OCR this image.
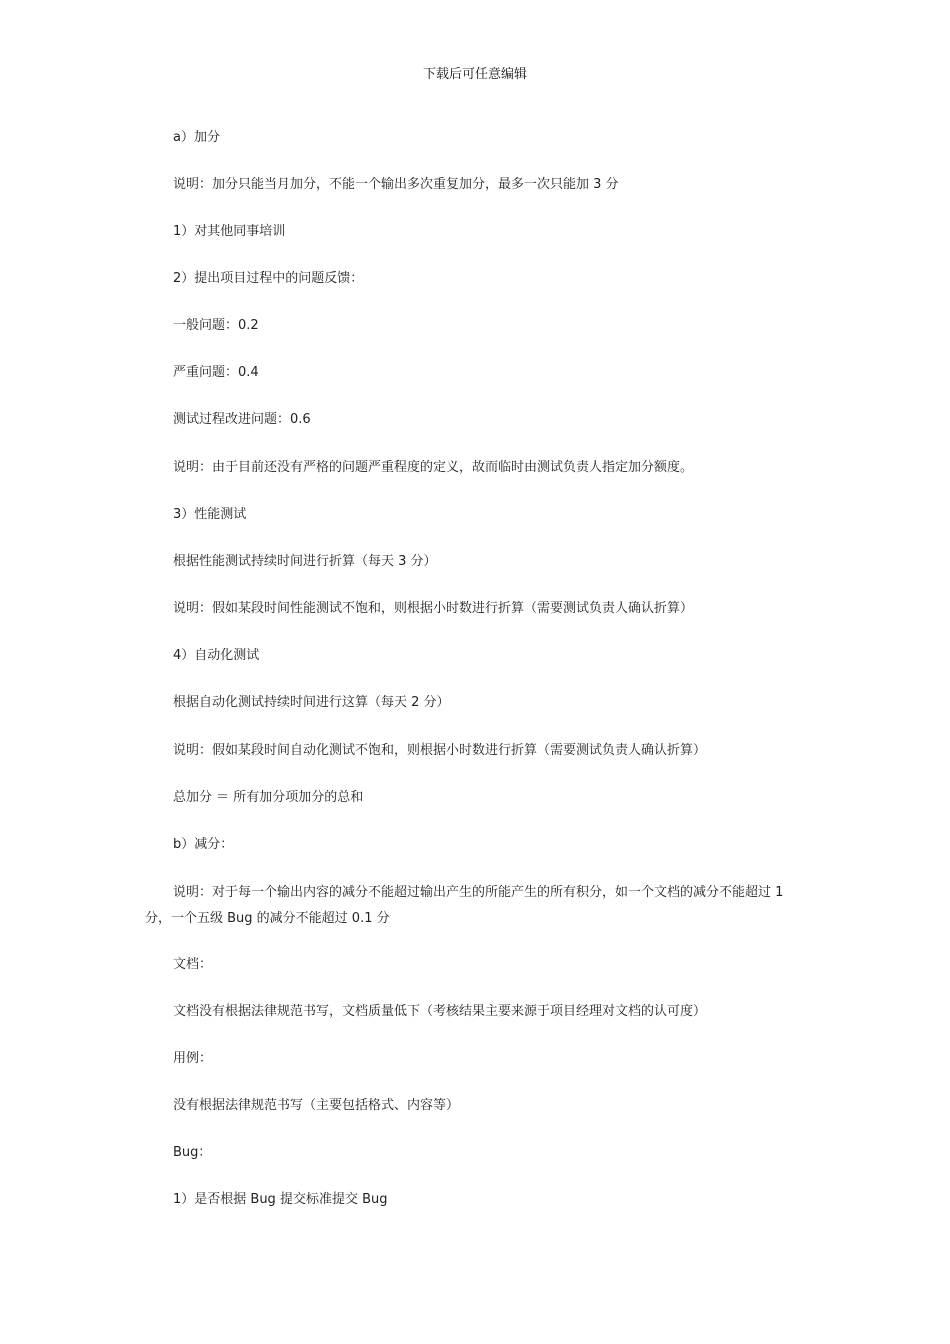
下载后可任意编辑

a）加分

说明：加分只能当月加分，不能一个输出多次重复加分，最多一次只能加 3 分

1）对其他同事培训

2）提出项目过程中的问题反馈：

一般问题：0.2

严重问题：0.4

测试过程改进问题：0.6

说明：由于目前还没有严格的问题严重程度的定义，故而临时由测试负责人指定加分额度。

3）性能测试

根据性能测试持续时间进行折算（每天 3 分）

说明：假如某段时间性能测试不饱和，则根据小时数进行折算（需要测试负责人确认折算）

4）自动化测试

根据自动化测试持续时间进行这算（每天 2 分）

说明：假如某段时间自动化测试不饱和，则根据小时数进行折算（需要测试负责人确认折算）

总加分 ＝ 所有加分项加分的总和

b）减分：

说明：对于每一个输出内容的减分不能超过输出产生的所能产生的所有积分，如一个文档的减分不能超过 1 分，一个五级 Bug 的减分不能超过 0.1 分

文档：

文档没有根据法律规范书写，文档质量低下（考核结果主要来源于项目经理对文档的认可度）

用例：

没有根据法律规范书写（主要包括格式、内容等）

Bug：

1）是否根据 Bug 提交标准提交 Bug
